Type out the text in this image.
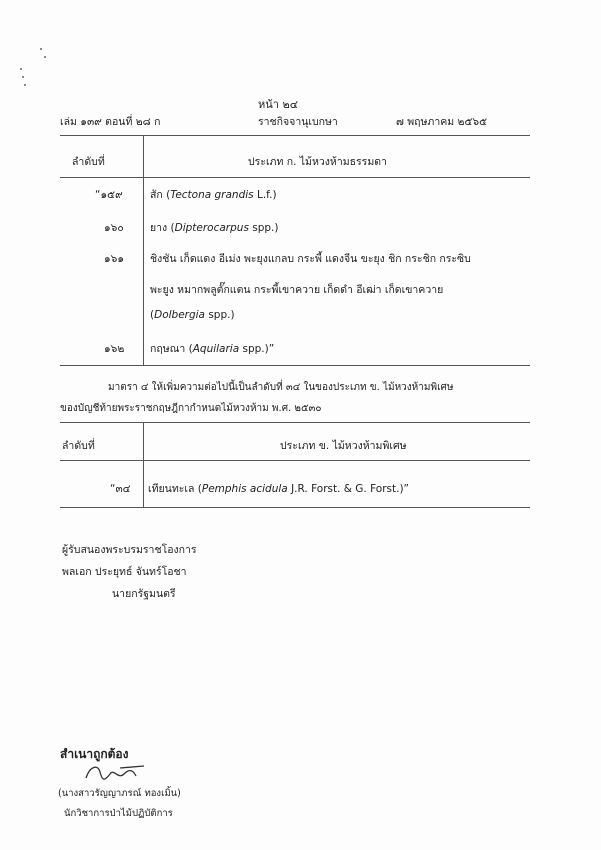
หน้า ๒๔
เล่ม ๑๓๙ ตอนที่ ๒๘ ก	ราชกิจจานุเบกษา	๗ พฤษภาคม ๒๕๖๕
ลำดับที่	ประเภท ก. ไม้หวงห้ามธรรมดา
“๑๕๙	สัก (Tectona grandis L.f.)
๑๖๐	ยาง (Dipterocarpus spp.)
๑๖๑ ชิงชัน เก็ดแดง อีเม่ง พะยุงแกลบ กระพี้ แดงจีน ขะยุง ชิก กระชิก กระซิบ
พะยูง หมากพลูตั๊กแตน กระพี้เขาควาย เก็ดดำ อีเฒ่า เก็ดเขาควาย
(Dolbergia spp.)
๑๖๒ กฤษณา (Aquilaria spp.)”
มาตรา ๔ ให้เพิ่มความต่อไปนี้เป็นลำดับที่ ๓๔ ในของประเภท ข. ไม้หวงห้ามพิเศษ
ของบัญชีท้ายพระราชกฤษฎีกากำหนดไม้หวงห้าม พ.ศ. ๒๕๓๐
ลำดับที่	ประเภท ข. ไม้หวงห้ามพิเศษ
“๓๔ เทียนทะเล (Pemphis acidula J.R. Forst. & G. Forst.)”
ผู้รับสนองพระบรมราชโองการ
พลเอก ประยุทธ์ จันทร์โอชา
นายกรัฐมนตรี
สำเนาถูกต้อง
(นางสาวรัญญาภรณ์ ทองเมิ้น)
นักวิชาการป่าไม้ปฏิบัติการ
